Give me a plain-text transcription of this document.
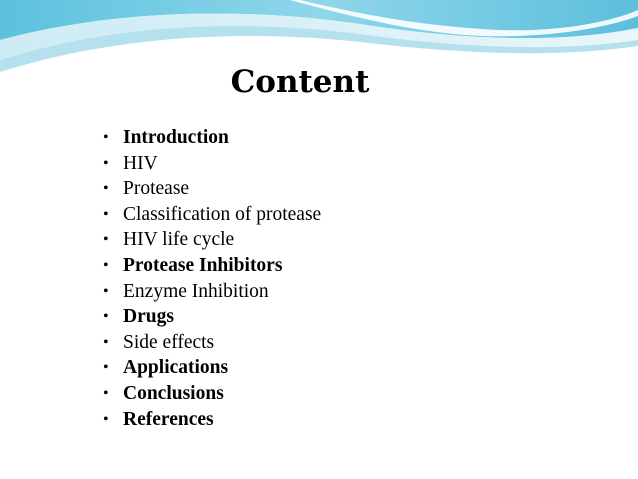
Content
• Introduction
• HIV
• Protease
• Classification of protease
• HIV life cycle
• Protease Inhibitors
• Enzyme Inhibition
• Drugs
• Side effects
• Applications
• Conclusions
• References
